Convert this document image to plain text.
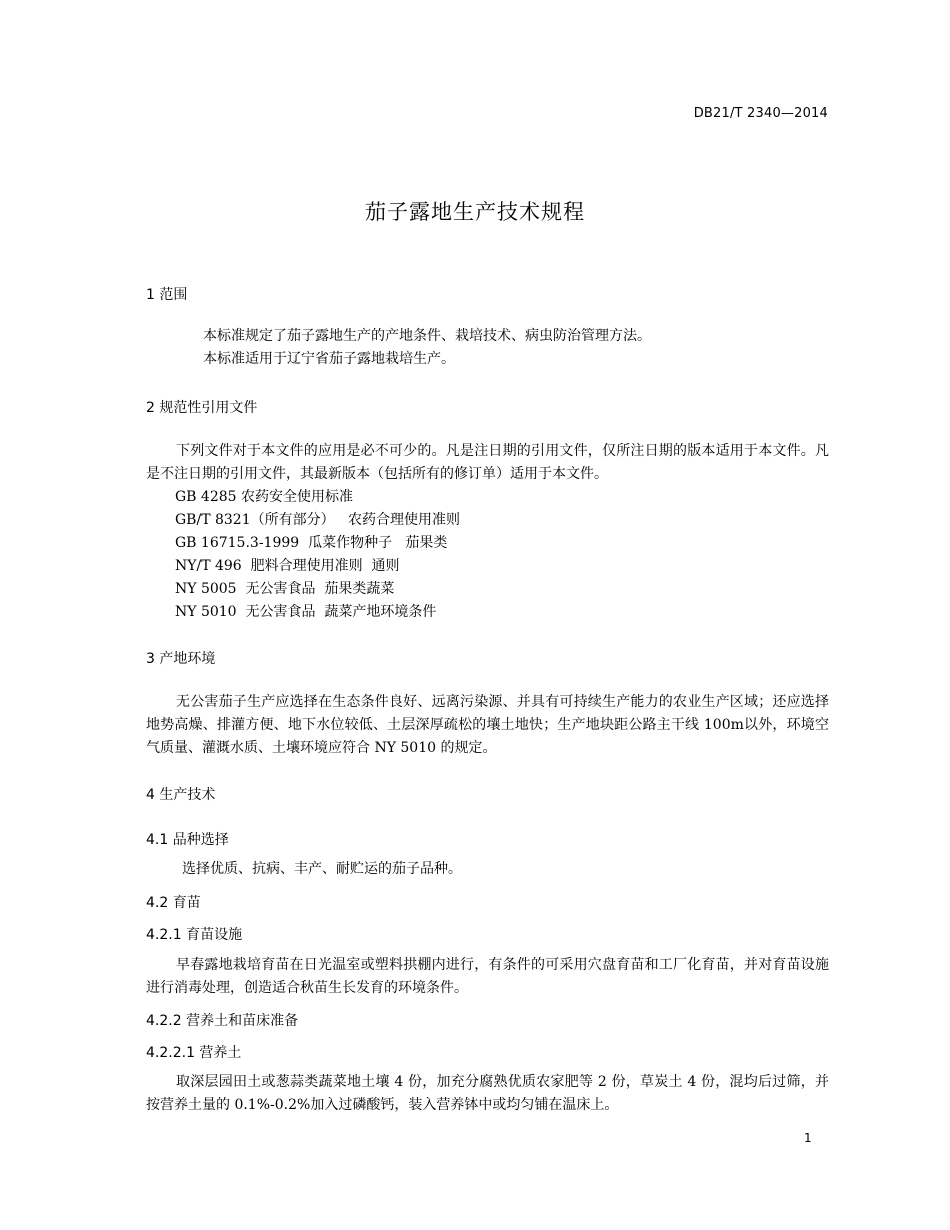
DB21/T 2340—2014
茄子露地生产技术规程
1 范围
本标准规定了茄子露地生产的产地条件、栽培技术、病虫防治管理方法。
本标准适用于辽宁省茄子露地栽培生产。
2 规范性引用文件
下列文件对于本文件的应用是必不可少的。凡是注日期的引用文件，仅所注日期的版本适用于本文件。凡是不注日期的引用文件，其最新版本（包括所有的修订单）适用于本文件。
GB 4285 农药安全使用标准
GB/T 8321（所有部分）   农药合理使用准则
GB 16715.3-1999  瓜菜作物种子   茄果类
NY/T 496  肥料合理使用准则  通则
NY 5005  无公害食品  茄果类蔬菜
NY 5010  无公害食品  蔬菜产地环境条件
3 产地环境
无公害茄子生产应选择在生态条件良好、远离污染源、并具有可持续生产能力的农业生产区域；还应选择地势高燥、排灌方便、地下水位较低、土层深厚疏松的壤土地快；生产地块距公路主干线 100m以外，环境空气质量、灌溉水质、土壤环境应符合 NY 5010 的规定。
4 生产技术
4.1 品种选择
选择优质、抗病、丰产、耐贮运的茄子品种。
4.2 育苗
4.2.1 育苗设施
早春露地栽培育苗在日光温室或塑料拱棚内进行，有条件的可采用穴盘育苗和工厂化育苗，并对育苗设施进行消毒处理，创造适合秋苗生长发育的环境条件。
4.2.2 营养土和苗床准备
4.2.2.1 营养土
取深层园田土或葱蒜类蔬菜地土壤 4 份，加充分腐熟优质农家肥等 2 份，草炭土 4 份，混均后过筛，并按营养土量的 0.1%-0.2%加入过磷酸钙，装入营养钵中或均匀铺在温床上。
1
